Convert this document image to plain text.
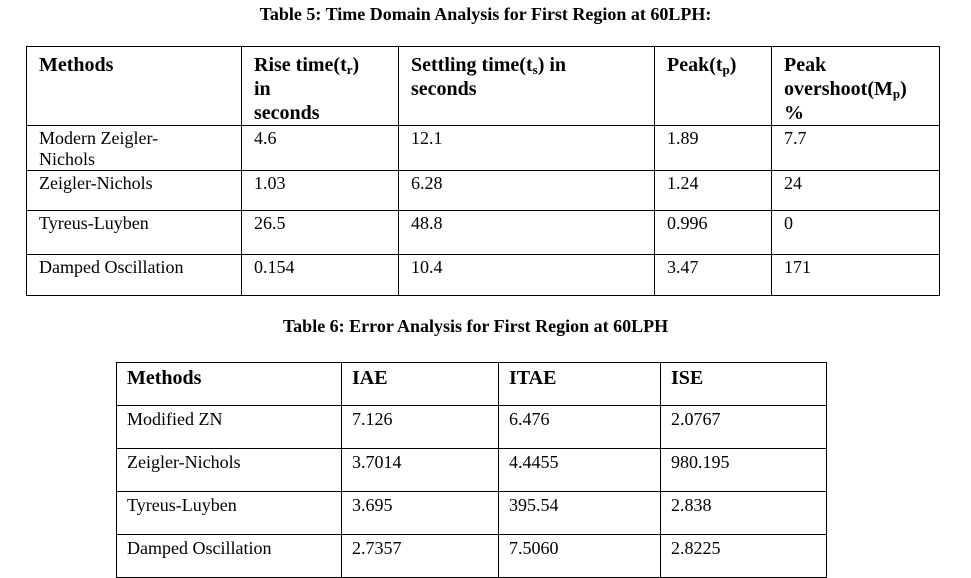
Table 5: Time Domain Analysis for First Region at 60LPH:
Methods	Rise $time(t_r)$
in
seconds	Settling $time(t_s)$ in
seconds	$Peak(t_p)$	Peak
$overshoot(M_p)$
%
Modern Zeigler-
Nichols	4.6	12.1	1.89	7.7
Zeigler-Nichols	1.03	6.28	1.24	24
Tyreus-Luyben	26.5	48.8	0.996	0
Damped Oscillation	0.154	10.4	3.47	171
Table 6: Error Analysis for First Region at 60LPH
Methods	IAE	ITAE	ISE
Modified ZN	7.126	6.476	2.0767
Zeigler-Nichols	3.7014	4.4455	980.195
Tyreus-Luyben	3.695	395.54	2.838
Damped Oscillation	2.7357	7.5060	2.8225
